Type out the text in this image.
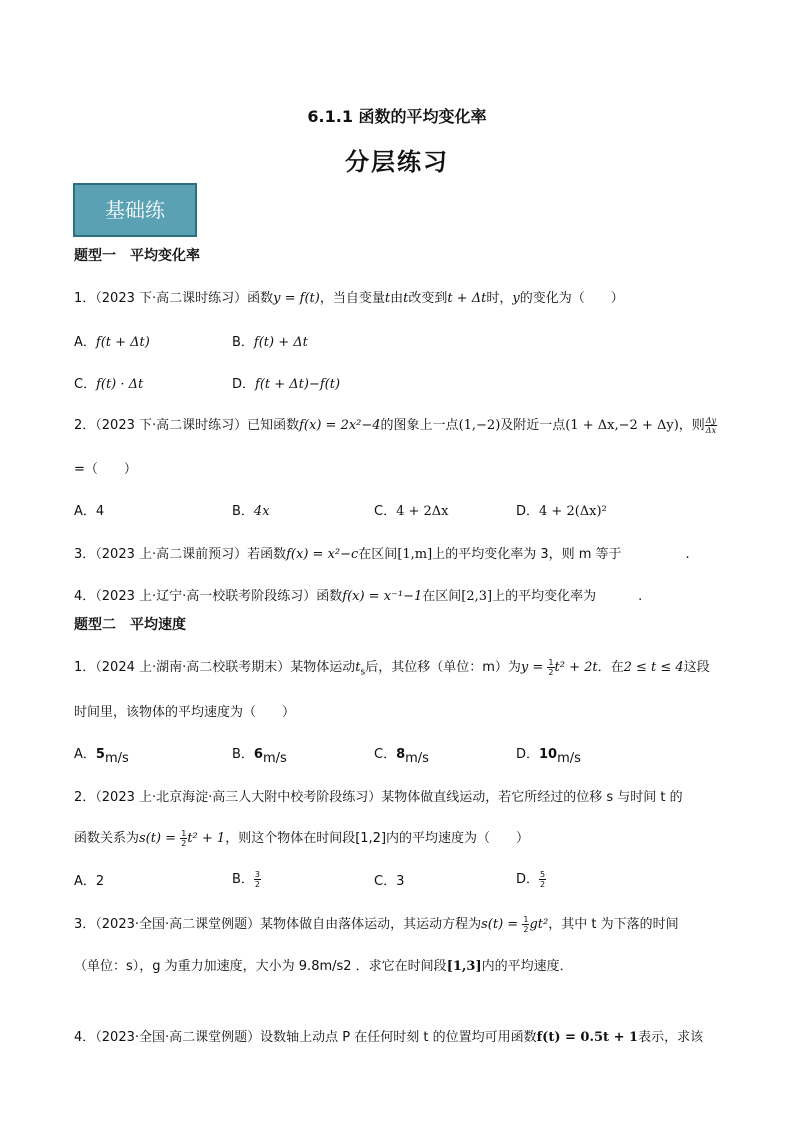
6.1.1 函数的平均变化率
分层练习
基础练
题型一　平均变化率
1．（2023 下·高二课时练习）函数y = f(t)，当自变量t由t改变到t + Δt时，y的变化为（　　）
A．f(t + Δt)	B．f(t) + Δt
C．f(t) · Δt	D．f(t + Δt)−f(t)
2．（2023 下·高二课时练习）已知函数f(x) = 2x²−4的图象上一点(1,−2)及附近一点(1 + Δx,−2 + Δy)，则 $\frac{\Delta y}{\Delta x}$
=（　　）
A．4	B．4x	C．4 + 2Δx	D．4 + 2(Δx)²
3．（2023 上·高二课前预习）若函数f(x) = x²−c在区间[1,m]上的平均变化率为 3，则 m 等于	.
4．（2023 上·辽宁·高一校联考阶段练习）函数f(x) = x⁻¹−1在区间[2,3]上的平均变化率为	.
题型二　平均速度
1．（2024 上·湖南·高二校联考期末）某物体运动$t_s$后，其位移（单位：m）为$y = \frac{1}{2} t^2 + 2t$．在2 ≤ t ≤ 4这段
时间里，该物体的平均速度为（　　）
A．5m/s	B．6m/s	C．8m/s	D．10m/s
2．（2023 上·北京海淀·高三人大附中校考阶段练习）某物体做直线运动，若它所经过的位移 s 与时间 t 的
函数关系为$s(t) = \frac{1}{2} t^2 + 1$，则这个物体在时间段[1,2]内的平均速度为（　　）
A．2	B． $\frac{3}{2}$	C．3	D． $\frac{5}{2}$
3．（2023·全国·高二课堂例题）某物体做自由落体运动，其运动方程为$s(t) = \frac{1}{2} gt^2$，其中 t 为下落的时间
（单位：s），g 为重力加速度，大小为 9.8m/s2 ．求它在时间段[1,3]内的平均速度．
4．（2023·全国·高二课堂例题）设数轴上动点 P 在任何时刻 t 的位置均可用函数f(t) = 0.5t + 1表示，求该
